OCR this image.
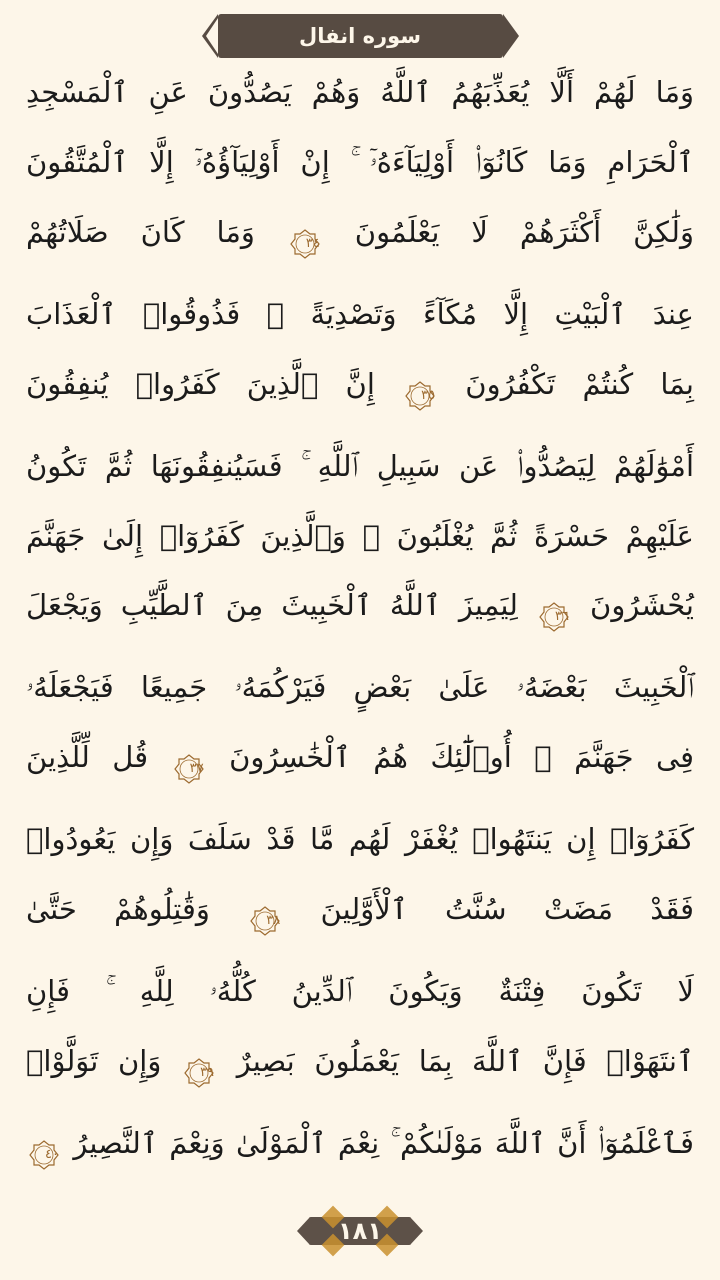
سوره انفال
وَمَا لَهُمْ أَلَّا يُعَذِّبَهُمُ ٱللَّهُ وَهُمْ يَصُدُّونَ عَنِ ٱلْمَسْجِدِ
ٱلْحَرَامِ وَمَا كَانُوٓا۟ أَوْلِيَآءَهُۥٓ ۚ إِنْ أَوْلِيَآؤُهُۥٓ إِلَّا ٱلْمُتَّقُونَ
وَلَٰكِنَّ أَكْثَرَهُمْ لَا يَعْلَمُونَ
٣٤ وَمَا كَانَ صَلَاتُهُمْ
عِندَ ٱلْبَيْتِ إِلَّا مُكَآءً وَتَصْدِيَةً ۚ فَذُوقُوا۟ ٱلْعَذَابَ
بِمَا كُنتُمْ تَكْفُرُونَ
٣٥ إِنَّ ٱلَّذِينَ كَفَرُوا۟ يُنفِقُونَ
أَمْوَٰلَهُمْ لِيَصُدُّوا۟ عَن سَبِيلِ ٱللَّهِ ۚ فَسَيُنفِقُونَهَا ثُمَّ تَكُونُ
عَلَيْهِمْ حَسْرَةً ثُمَّ يُغْلَبُونَ ۗ وَٱلَّذِينَ كَفَرُوٓا۟ إِلَىٰ جَهَنَّمَ
يُحْشَرُونَ
٣٦ لِيَمِيزَ ٱللَّهُ ٱلْخَبِيثَ مِنَ ٱلطَّيِّبِ وَيَجْعَلَ
ٱلْخَبِيثَ بَعْضَهُۥ عَلَىٰ بَعْضٍ فَيَرْكُمَهُۥ جَمِيعًا فَيَجْعَلَهُۥ
فِى جَهَنَّمَ ۚ أُو۟لَٰٓئِكَ هُمُ ٱلْخَٰسِرُونَ
٣٧ قُل لِّلَّذِينَ
كَفَرُوٓا۟ إِن يَنتَهُوا۟ يُغْفَرْ لَهُم مَّا قَدْ سَلَفَ وَإِن يَعُودُوا۟
فَقَدْ مَضَتْ سُنَّتُ ٱلْأَوَّلِينَ
٣٨ وَقَٰتِلُوهُمْ حَتَّىٰ
لَا تَكُونَ فِتْنَةٌ وَيَكُونَ ٱلدِّينُ كُلُّهُۥ لِلَّهِ ۚ فَإِنِ
ٱنتَهَوْا۟ فَإِنَّ ٱللَّهَ بِمَا يَعْمَلُونَ بَصِيرٌ
٣٩ وَإِن تَوَلَّوْا۟
فَٱعْلَمُوٓا۟ أَنَّ ٱللَّهَ مَوْلَىٰكُمْ ۚ نِعْمَ ٱلْمَوْلَىٰ وَنِعْمَ ٱلنَّصِيرُ
٤٠
١٨١
